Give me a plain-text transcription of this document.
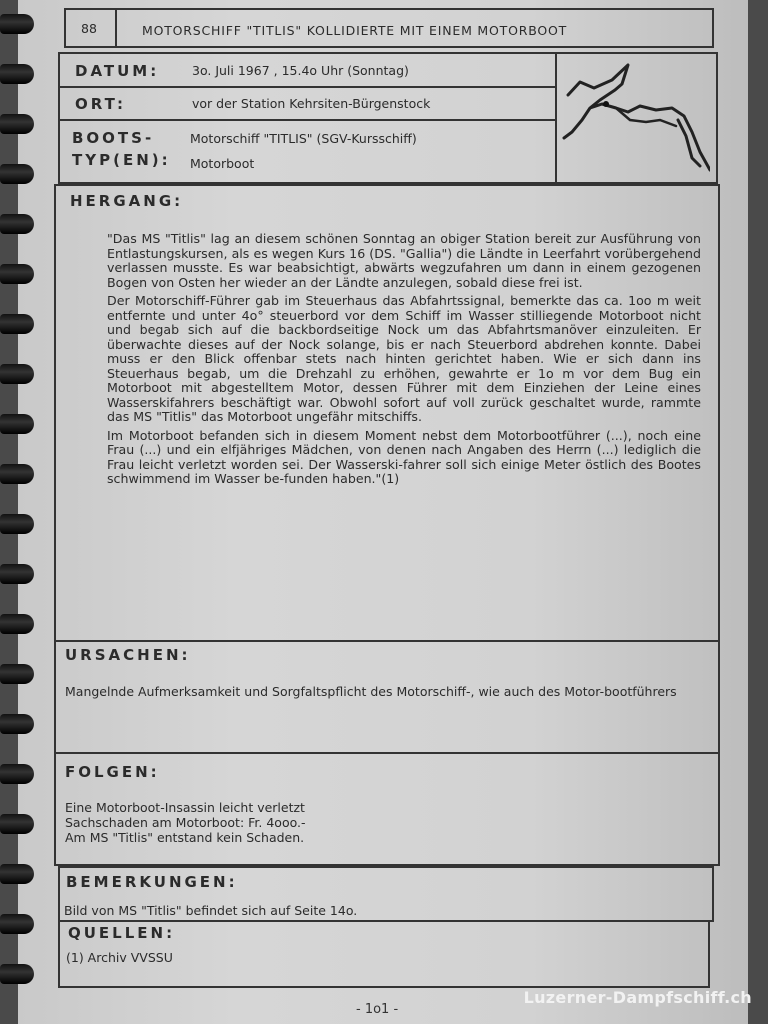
88	MOTORSCHIFF "TITLIS" KOLLIDIERTE MIT EINEM MOTORBOOT
DATUM:	3o. Juli 1967 , 15.4o Uhr (Sonntag)
ORT:	vor der Station Kehrsiten-Bürgenstock
BOOTS-
TYP(EN):
Motorschiff "TITLIS" (SGV-Kursschiff)
Motorboot
HERGANG:

"Das MS "Titlis" lag an diesem schönen Sonntag an obiger Station bereit zur Ausführung von Entlastungskursen, als es wegen Kurs 16 (DS. "Gallia") die Ländte in Leerfahrt vorübergehend verlassen musste. Es war beabsichtigt, abwärts wegzufahren um dann in einem gezogenen Bogen von Osten her wieder an der Ländte anzulegen, sobald diese frei ist.

Der Motorschiff-Führer gab im Steuerhaus das Abfahrtssignal, bemerkte das ca. 1oo m weit entfernte und unter 4o° steuerbord vor dem Schiff im Wasser stilliegende Motorboot nicht und begab sich auf die backbordseitige Nock um das Abfahrtsmanöver einzuleiten. Er überwachte dieses auf der Nock solange, bis er nach Steuerbord abdrehen konnte. Dabei muss er den Blick offenbar stets nach hinten gerichtet haben. Wie er sich dann ins Steuerhaus begab, um die Drehzahl zu erhöhen, gewahrte er 1o m vor dem Bug ein Motorboot mit abgestelltem Motor, dessen Führer mit dem Einziehen der Leine eines Wasserskifahrers beschäftigt war. Obwohl sofort auf voll zurück geschaltet wurde, rammte das MS "Titlis" das Motorboot ungefähr mitschiffs.

Im Motorboot befanden sich in diesem Moment nebst dem Motorbootführer (...), noch eine Frau (...) und ein elfjähriges Mädchen, von denen nach Angaben des Herrn (...) lediglich die Frau leicht verletzt worden sei. Der Wasserski-fahrer soll sich einige Meter östlich des Bootes schwimmend im Wasser be-funden haben."(1)

URSACHEN:
Mangelnde Aufmerksamkeit und Sorgfaltspflicht des Motorschiff-, wie auch des Motor-bootführers
FOLGEN:
Eine Motorboot-Insassin leicht verletzt
Sachschaden am Motorboot: Fr. 4ooo.-
Am MS "Titlis" entstand kein Schaden.
BEMERKUNGEN:
Bild von MS "Titlis" befindet sich auf Seite 14o.
QUELLEN:
(1) Archiv VVSSU
- 1o1 -
Luzerner-Dampfschiff.ch
